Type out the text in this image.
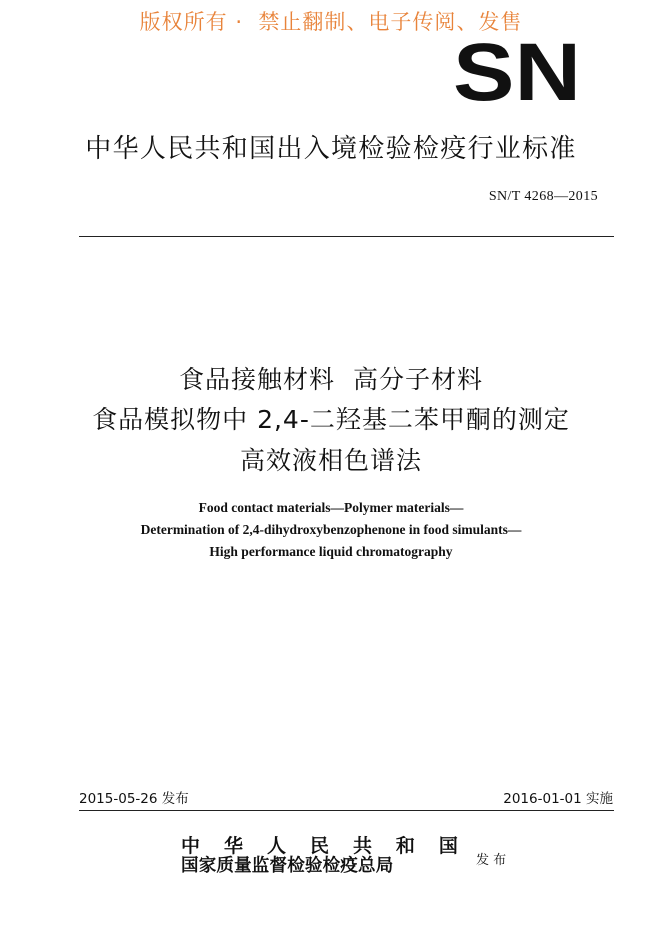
版权所有 ·  禁止翻制、电子传阅、发售
SN
中华人民共和国出入境检验检疫行业标准
SN/T 4268—2015
食品接触材料  高分子材料
食品模拟物中 2,4-二羟基二苯甲酮的测定
高效液相色谱法
Food contact materials—Polymer materials—
Determination of 2,4-dihydroxybenzophenone in food simulants—
High performance liquid chromatography
2015-05-26 发布	2016-01-01 实施
中 华 人 民 共 和 国
国家质量监督检验检疫总局	发 布
